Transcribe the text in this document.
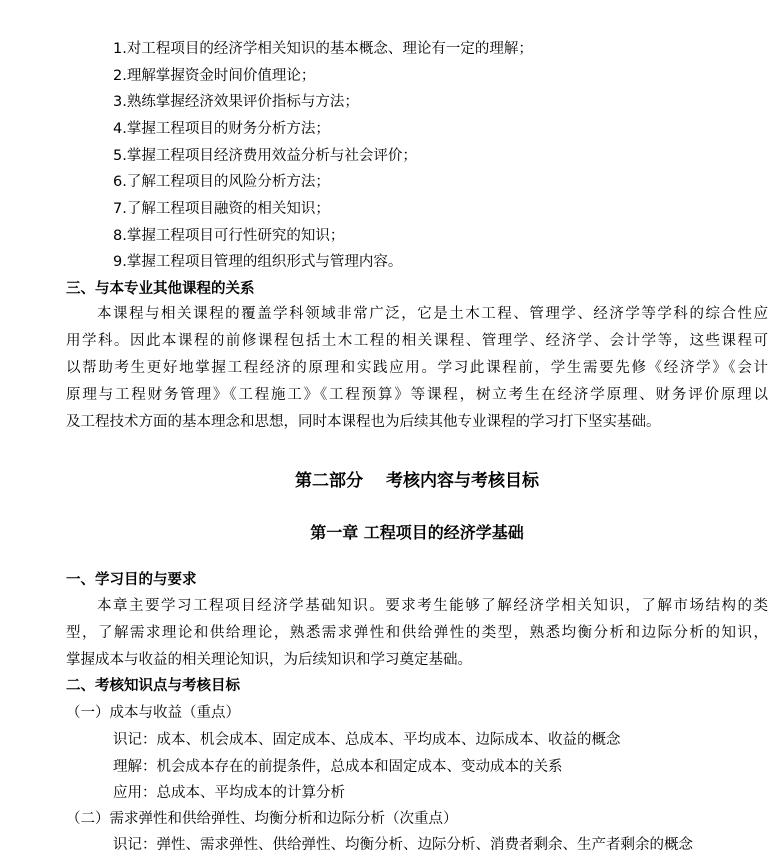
1.对工程项目的经济学相关知识的基本概念、理论有一定的理解；
2.理解掌握资金时间价值理论；
3.熟练掌握经济效果评价指标与方法；
4.掌握工程项目的财务分析方法；
5.掌握工程项目经济费用效益分析与社会评价；
6.了解工程项目的风险分析方法；
7.了解工程项目融资的相关知识；
8.掌握工程项目可行性研究的知识；
9.掌握工程项目管理的组织形式与管理内容。
三、与本专业其他课程的关系
本课程与相关课程的覆盖学科领域非常广泛，它是土木工程、管理学、经济学等学科的综合性应
用学科。因此本课程的前修课程包括土木工程的相关课程、管理学、经济学、会计学等，这些课程可
以帮助考生更好地掌握工程经济的原理和实践应用。学习此课程前，学生需要先修《经济学》《会计
原理与工程财务管理》《工程施工》《工程预算》等课程，树立考生在经济学原理、财务评价原理以
及工程技术方面的基本理念和思想，同时本课程也为后续其他专业课程的学习打下坚实基础。
第二部分　 考核内容与考核目标
第一章 工程项目的经济学基础
一、学习目的与要求
本章主要学习工程项目经济学基础知识。要求考生能够了解经济学相关知识，了解市场结构的类
型，了解需求理论和供给理论，熟悉需求弹性和供给弹性的类型，熟悉均衡分析和边际分析的知识，
掌握成本与收益的相关理论知识，为后续知识和学习奠定基础。
二、考核知识点与考核目标
（一）成本与收益（重点）
识记：成本、机会成本、固定成本、总成本、平均成本、边际成本、收益的概念
理解：机会成本存在的前提条件，总成本和固定成本、变动成本的关系
应用：总成本、平均成本的计算分析
（二）需求弹性和供给弹性、均衡分析和边际分析（次重点）
识记：弹性、需求弹性、供给弹性、均衡分析、边际分析、消费者剩余、生产者剩余的概念
